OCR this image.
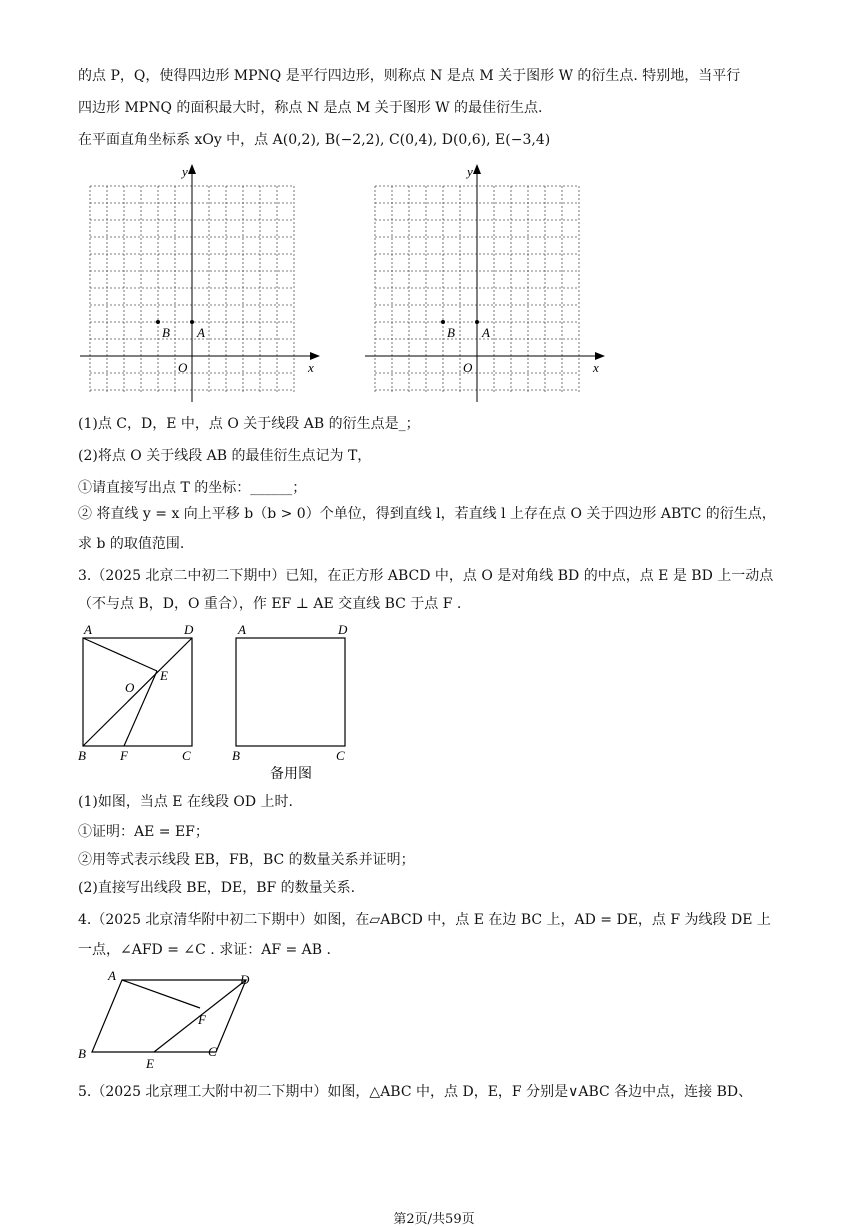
的点 P，Q，使得四边形 MPNQ 是平行四边形，则称点 N 是点 M 关于图形 W 的衍生点. 特别地，当平行
四边形 MPNQ 的面积最大时，称点 N 是点 M 关于图形 W 的最佳衍生点.
在平面直角坐标系 xOy 中，点 A(0,2), B(−2,2), C(0,4), D(0,6), E(−3,4)
x
y
O
A
B
x
y
O
A
B
(1)点 C，D，E 中，点 O 关于线段 AB 的衍生点是_；
(2)将点 O 关于线段 AB 的最佳衍生点记为 T，
①请直接写出点 T 的坐标：______；
② 将直线 y = x 向上平移 b（b > 0）个单位，得到直线 l，若直线 l 上存在点 O 关于四边形 ABTC 的衍生点，
求 b 的取值范围.
3.（2025 北京二中初二下期中）已知，在正方形 ABCD 中，点 O 是对角线 BD 的中点，点 E 是 BD 上一动点
（不与点 B，D，O 重合），作 EF ⊥ AE 交直线 BC 于点 F .
A	D
B	C
E
F
O
A	D
B	C
备用图
(1)如图，当点 E 在线段 OD 上时.
①证明：AE = EF；
②用等式表示线段 EB，FB，BC 的数量关系并证明；
(2)直接写出线段 BE，DE，BF 的数量关系.
4.（2025 北京清华附中初二下期中）如图，在▱ABCD 中，点 E 在边 BC 上，AD = DE，点 F 为线段 DE 上
一点，∠AFD = ∠C . 求证：AF = AB .
A	D
B	C
E
F
5.（2025 北京理工大附中初二下期中）如图，△ABC 中，点 D，E，F 分别是∨ABC 各边中点，连接 BD、
第2页/共59页
